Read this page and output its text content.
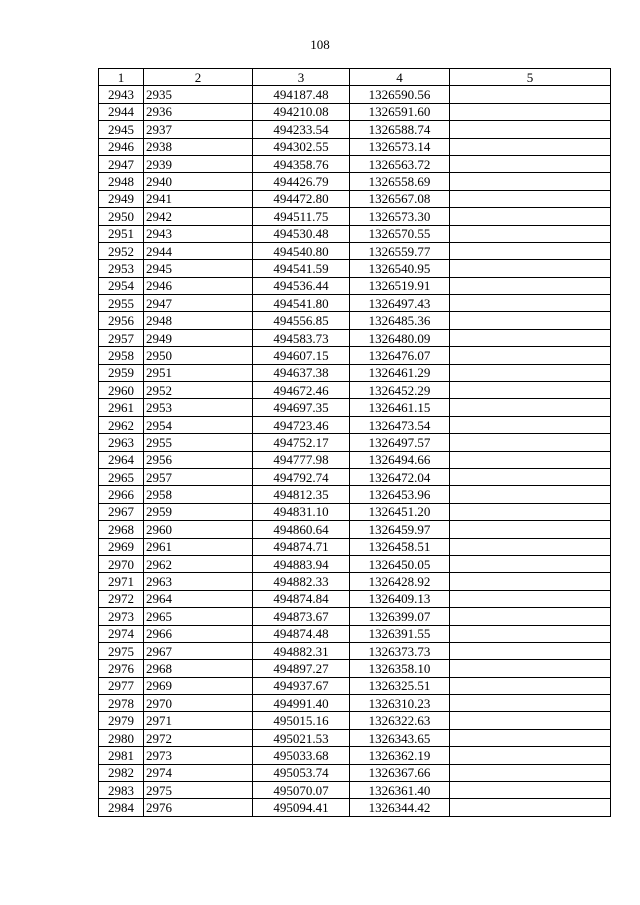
108
1	2	3	4	5
2943	2935	494187.48	1326590.56	
2944	2936	494210.08	1326591.60	
2945	2937	494233.54	1326588.74	
2946	2938	494302.55	1326573.14	
2947	2939	494358.76	1326563.72	
2948	2940	494426.79	1326558.69	
2949	2941	494472.80	1326567.08	
2950	2942	494511.75	1326573.30	
2951	2943	494530.48	1326570.55	
2952	2944	494540.80	1326559.77	
2953	2945	494541.59	1326540.95	
2954	2946	494536.44	1326519.91	
2955	2947	494541.80	1326497.43	
2956	2948	494556.85	1326485.36	
2957	2949	494583.73	1326480.09	
2958	2950	494607.15	1326476.07	
2959	2951	494637.38	1326461.29	
2960	2952	494672.46	1326452.29	
2961	2953	494697.35	1326461.15	
2962	2954	494723.46	1326473.54	
2963	2955	494752.17	1326497.57	
2964	2956	494777.98	1326494.66	
2965	2957	494792.74	1326472.04	
2966	2958	494812.35	1326453.96	
2967	2959	494831.10	1326451.20	
2968	2960	494860.64	1326459.97	
2969	2961	494874.71	1326458.51	
2970	2962	494883.94	1326450.05	
2971	2963	494882.33	1326428.92	
2972	2964	494874.84	1326409.13	
2973	2965	494873.67	1326399.07	
2974	2966	494874.48	1326391.55	
2975	2967	494882.31	1326373.73	
2976	2968	494897.27	1326358.10	
2977	2969	494937.67	1326325.51	
2978	2970	494991.40	1326310.23	
2979	2971	495015.16	1326322.63	
2980	2972	495021.53	1326343.65	
2981	2973	495033.68	1326362.19	
2982	2974	495053.74	1326367.66	
2983	2975	495070.07	1326361.40	
2984	2976	495094.41	1326344.42	
